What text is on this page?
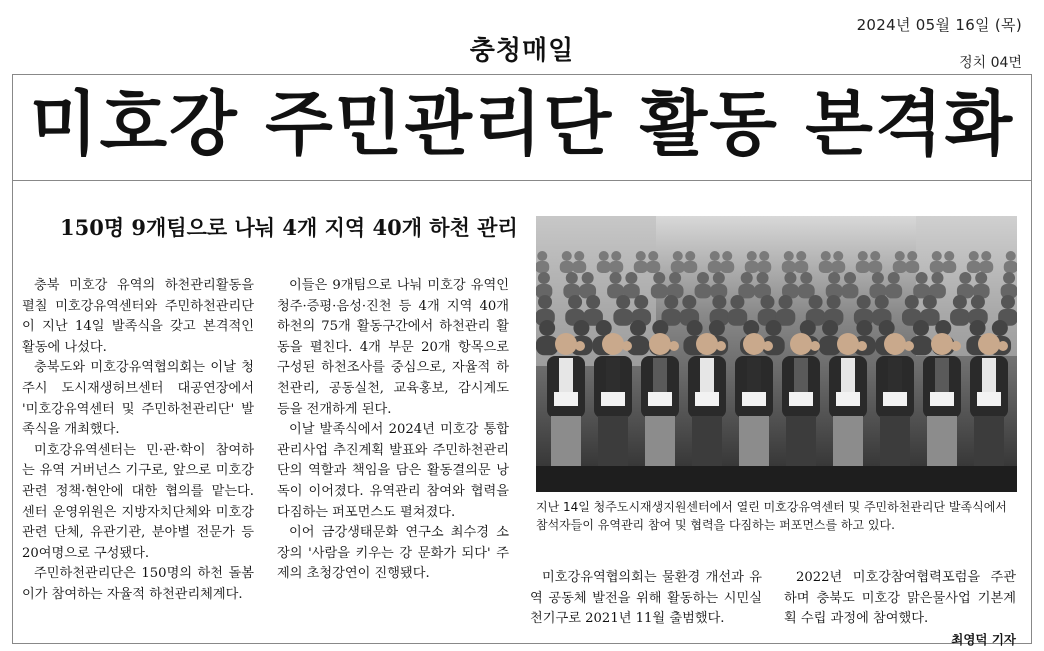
2024년 05월 16일 (목)
충청매일	정치 04면
미호강 주민관리단 활동 본격화
150명 9개팀으로 나눠 4개 지역 40개 하천 관리

충북 미호강 유역의 하천관리활동을 펼칠 미호강유역센터와 주민하천관리단이 지난 14일 발족식을 갖고 본격적인 활동에 나섰다.

충북도와 미호강유역협의회는 이날 청주시 도시재생허브센터 대공연장에서 '미호강유역센터 및 주민하천관리단' 발족식을 개최했다.

미호강유역센터는 민·관·학이 참여하는 유역 거버넌스 기구로, 앞으로 미호강 관련 정책·현안에 대한 협의를 맡는다. 센터 운영위원은 지방자치단체와 미호강 관련 단체, 유관기관, 분야별 전문가 등 20여명으로 구성됐다.

주민하천관리단은 150명의 하천 돌봄이가 참여하는 자율적 하천관리체계다.

이들은 9개팀으로 나눠 미호강 유역인 청주·증평·음성·진천 등 4개 지역 40개 하천의 75개 활동구간에서 하천관리 활동을 펼친다. 4개 부문 20개 항목으로 구성된 하천조사를 중심으로, 자율적 하천관리, 공동실천, 교육홍보, 감시계도 등을 전개하게 된다.

이날 발족식에서 2024년 미호강 통합관리사업 추진계획 발표와 주민하천관리단의 역할과 책임을 담은 활동결의문 낭독이 이어졌다. 유역관리 참여와 협력을 다짐하는 퍼포먼스도 펼쳐졌다.

이어 금강생태문화 연구소 최수경 소장의 '사람을 키우는 강 문화가 되다' 주제의 초청강연이 진행됐다.

지난 14일 청주도시재생지원센터에서 열린 미호강유역센터 및 주민하천관리단 발족식에서 참석자들이 유역관리 참여 및 협력을 다짐하는 퍼포먼스를 하고 있다.

미호강유역협의회는 물환경 개선과 유역 공동체 발전을 위해 활동하는 시민실천기구로 2021년 11월 출범했다.

2022년 미호강참여협력포럼을 주관하며 충북도 미호강 맑은물사업 기본계획 수립 과정에 참여했다.

최영덕 기자
